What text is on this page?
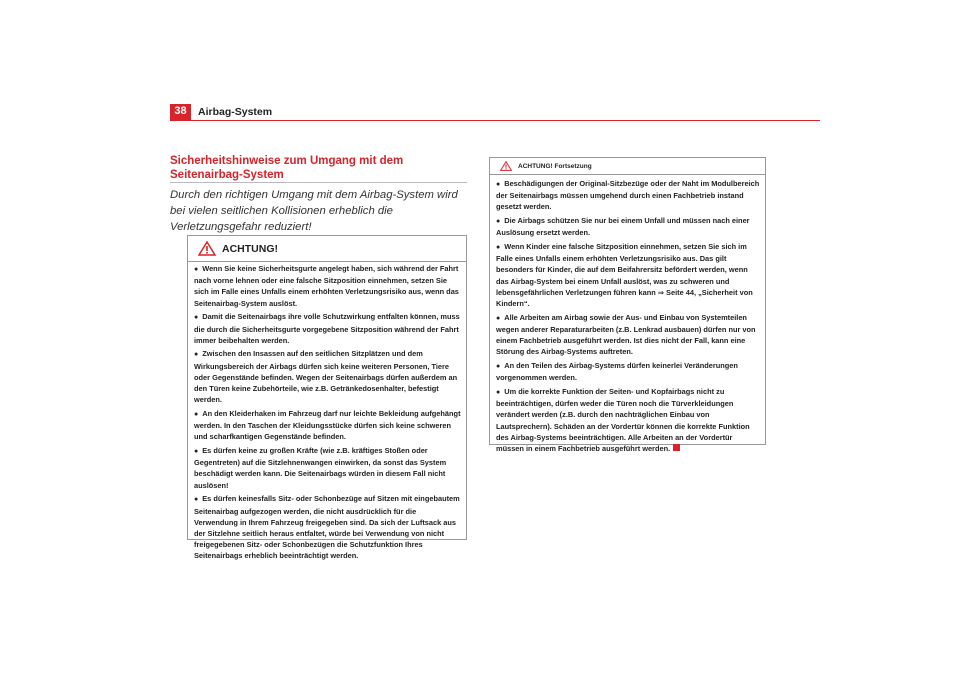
38	Airbag-System
Sicherheitshinweise zum Umgang mit dem Seitenairbag-System
Durch den richtigen Umgang mit dem Airbag-System wird bei vielen seitlichen Kollisionen erheblich die Verletzungsgefahr reduziert!
ACHTUNG!
● Wenn Sie keine Sicherheitsgurte angelegt haben, sich während der Fahrt nach vorne lehnen oder eine falsche Sitzposition einnehmen, setzen Sie sich im Falle eines Unfalls einem erhöhten Verletzungsrisiko aus, wenn das Seitenairbag-System auslöst.
● Damit die Seitenairbags ihre volle Schutzwirkung entfalten können, muss die durch die Sicherheitsgurte vorgegebene Sitzposition während der Fahrt immer beibehalten werden.
● Zwischen den Insassen auf den seitlichen Sitzplätzen und dem Wirkungsbereich der Airbags dürfen sich keine weiteren Personen, Tiere oder Gegenstände befinden. Wegen der Seitenairbags dürfen außerdem an den Türen keine Zubehörteile, wie z.B. Getränkedosenhalter, befestigt werden.
● An den Kleiderhaken im Fahrzeug darf nur leichte Bekleidung aufgehängt werden. In den Taschen der Kleidungsstücke dürfen sich keine schweren und scharfkantigen Gegenstände befinden.
● Es dürfen keine zu großen Kräfte (wie z.B. kräftiges Stoßen oder Gegentreten) auf die Sitzlehnenwangen einwirken, da sonst das System beschädigt werden kann. Die Seitenairbags würden in diesem Fall nicht auslösen!
● Es dürfen keinesfalls Sitz- oder Schonbezüge auf Sitzen mit eingebautem Seitenairbag aufgezogen werden, die nicht ausdrücklich für die Verwendung in Ihrem Fahrzeug freigegeben sind. Da sich der Luftsack aus der Sitzlehne seitlich heraus entfaltet, würde bei Verwendung von nicht freigegebenen Sitz- oder Schonbezügen die Schutzfunktion Ihres Seitenairbags erheblich beeinträchtigt werden.
ACHTUNG! Fortsetzung
● Beschädigungen der Original-Sitzbezüge oder der Naht im Modulbereich der Seitenairbags müssen umgehend durch einen Fachbetrieb instand gesetzt werden.
● Die Airbags schützen Sie nur bei einem Unfall und müssen nach einer Auslösung ersetzt werden.
● Wenn Kinder eine falsche Sitzposition einnehmen, setzen Sie sich im Falle eines Unfalls einem erhöhten Verletzungsrisiko aus. Das gilt besonders für Kinder, die auf dem Beifahrersitz befördert werden, wenn das Airbag-System bei einem Unfall auslöst, was zu schweren und lebensgefährlichen Verletzungen führen kann ⇒ Seite 44, „Sicherheit von Kindern“.
● Alle Arbeiten am Airbag sowie der Aus- und Einbau von Systemteilen wegen anderer Reparaturarbeiten (z.B. Lenkrad ausbauen) dürfen nur von einem Fachbetrieb ausgeführt werden. Ist dies nicht der Fall, kann eine Störung des Airbag-Systems auftreten.
● An den Teilen des Airbag-Systems dürfen keinerlei Veränderungen vorgenommen werden.
● Um die korrekte Funktion der Seiten- und Kopfairbags nicht zu beeinträchtigen, dürfen weder die Türen noch die Türverkleidungen verändert werden (z.B. durch den nachträglichen Einbau von Lautsprechern). Schäden an der Vordertür können die korrekte Funktion des Airbag-Systems beeinträchtigen. Alle Arbeiten an der Vordertür müssen in einem Fachbetrieb ausgeführt werden.
